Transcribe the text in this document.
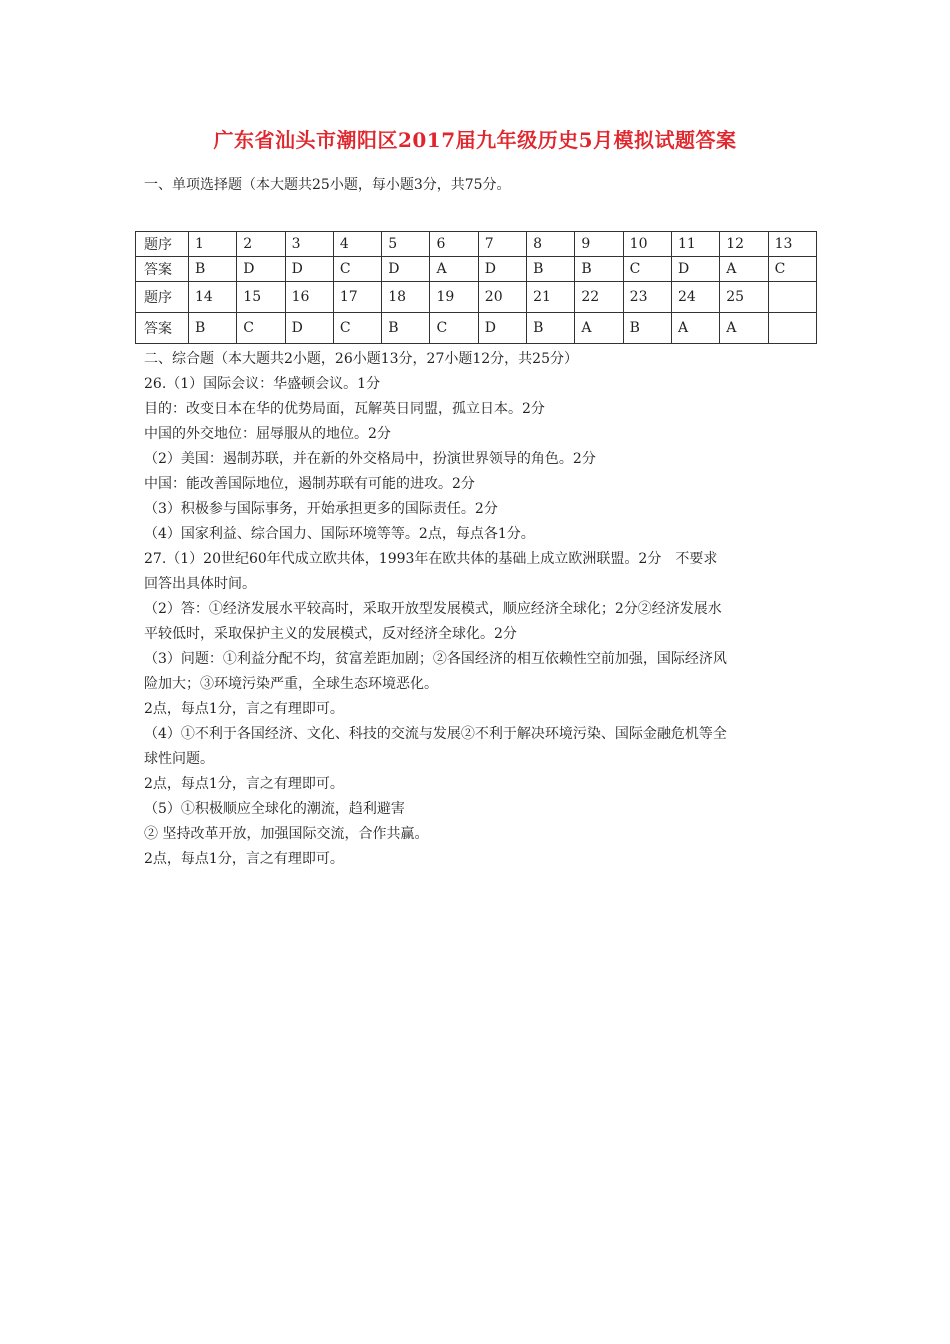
广东省汕头市潮阳区2017届九年级历史5月模拟试题答案
一、单项选择题（本大题共25小题，每小题3分，共75分。
题序	1	2	3	4	5	6	7	8	9	10	11	12	13
答案	B	D	D	C	D	A	D	B	B	C	D	A	C
题序	14	15	16	17	18	19	20	21	22	23	24	25	
答案	B	C	D	C	B	C	D	B	A	B	A	A	

二、综合题（本大题共2小题，26小题13分，27小题12分，共25分）

26.（1）国际会议：华盛顿会议。1分

目的：改变日本在华的优势局面，瓦解英日同盟，孤立日本。2分

中国的外交地位：屈辱服从的地位。2分

（2）美国：遏制苏联，并在新的外交格局中，扮演世界领导的角色。2分

中国：能改善国际地位，遏制苏联有可能的进攻。2分

（3）积极参与国际事务，开始承担更多的国际责任。2分

（4）国家利益、综合国力、国际环境等等。2点，每点各1分。

27.（1）20世纪60年代成立欧共体，1993年在欧共体的基础上成立欧洲联盟。2分　不要求

回答出具体时间。

（2）答：①经济发展水平较高时，采取开放型发展模式，顺应经济全球化；2分②经济发展水

平较低时，采取保护主义的发展模式，反对经济全球化。2分

（3）问题：①利益分配不均，贫富差距加剧；②各国经济的相互依赖性空前加强，国际经济风

险加大；③环境污染严重，全球生态环境恶化。

2点，每点1分，言之有理即可。

（4）①不利于各国经济、文化、科技的交流与发展②不利于解决环境污染、国际金融危机等全

球性问题。

2点，每点1分，言之有理即可。

（5）①积极顺应全球化的潮流，趋利避害

② 坚持改革开放，加强国际交流，合作共赢。

2点，每点1分，言之有理即可。
